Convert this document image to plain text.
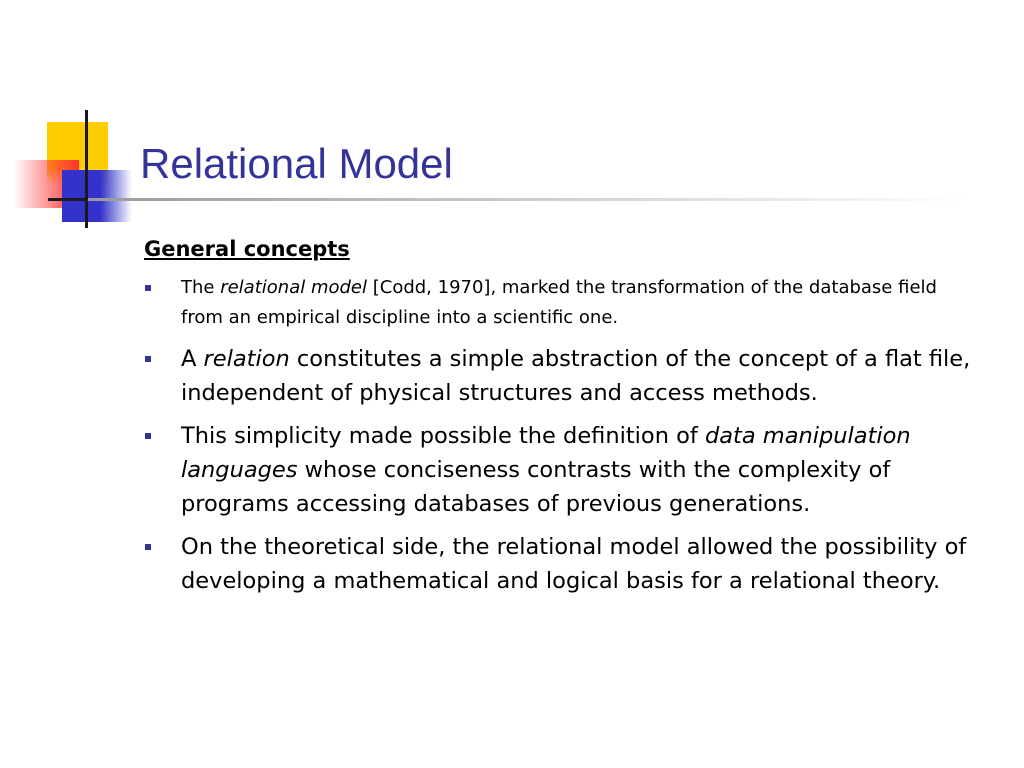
Relational Model
General concepts
The relational model [Codd, 1970], marked the transformation of the database field from an empirical discipline into a scientific one.
A relation constitutes a simple abstraction of the concept of a flat file, independent of physical structures and access methods.
This simplicity made possible the definition of data manipulation languages whose conciseness contrasts with the complexity of programs accessing databases of previous generations.
On the theoretical side, the relational model allowed the possibility of developing a mathematical and logical basis for a relational theory.
